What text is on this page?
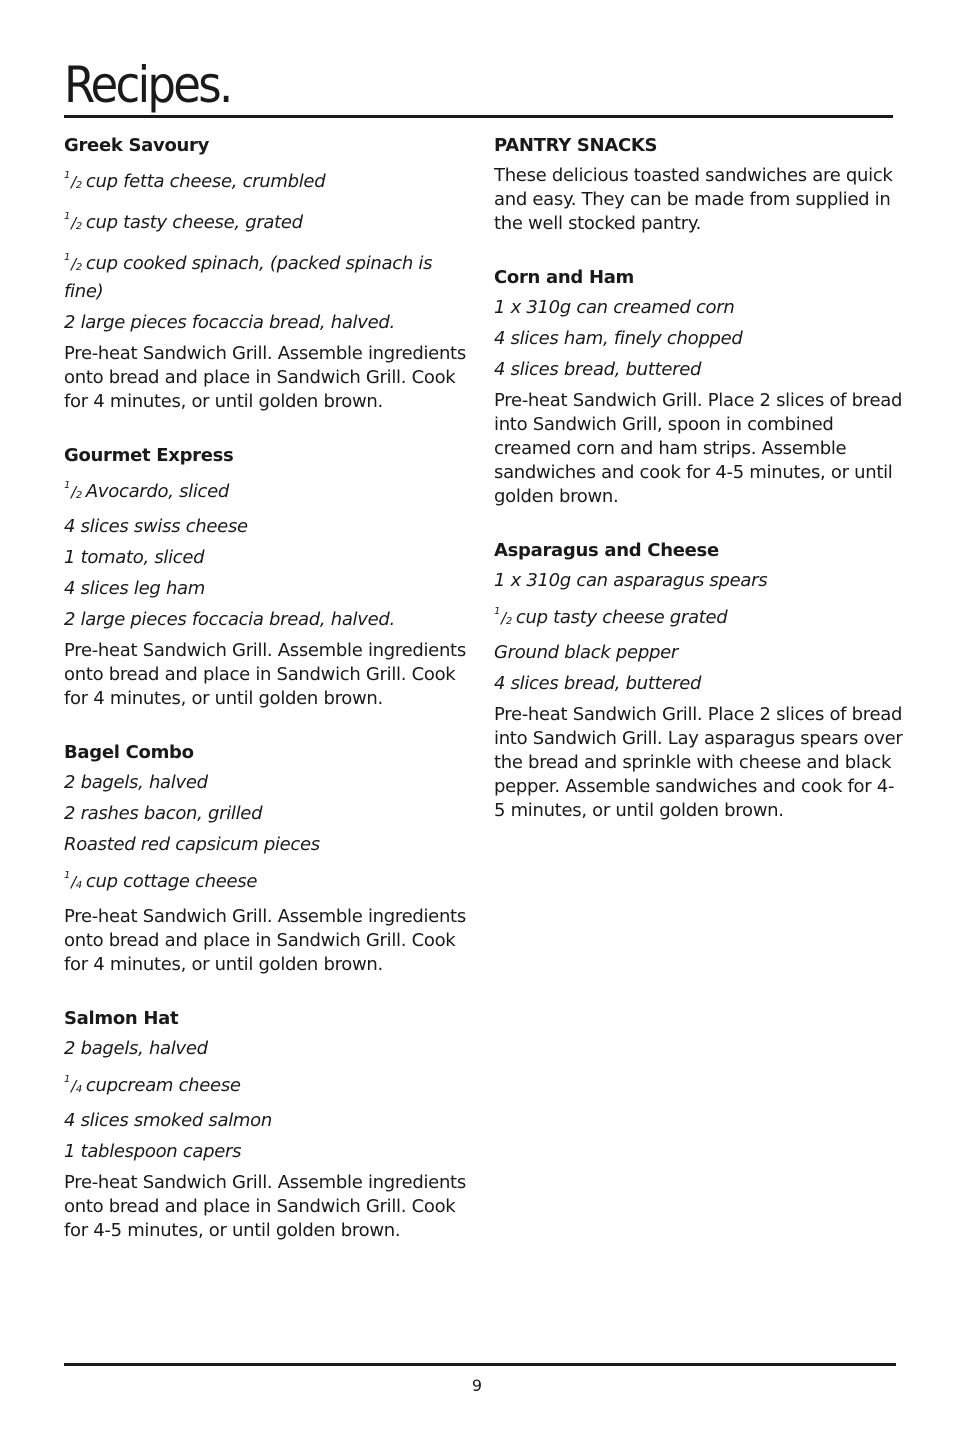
Recipes.
Greek Savoury
$^1$/2 cup fetta cheese, crumbled
$^1$/2 cup tasty cheese, grated
$^1$/2 cup cooked spinach, (packed spinach is fine)
2 large pieces focaccia bread, halved.

Pre-heat Sandwich Grill. Assemble ingredients onto bread and place in Sandwich Grill. Cook for 4 minutes, or until golden brown.

Gourmet Express
$^1$/2 Avocardo, sliced
4 slices swiss cheese
1 tomato, sliced
4 slices leg ham
2 large pieces foccacia bread, halved.

Pre-heat Sandwich Grill. Assemble ingredients onto bread and place in Sandwich Grill. Cook for 4 minutes, or until golden brown.

Bagel Combo
2 bagels, halved
2 rashes bacon, grilled
Roasted red capsicum pieces
$^1$/4 cup cottage cheese

Pre-heat Sandwich Grill. Assemble ingredients onto bread and place in Sandwich Grill. Cook for 4 minutes, or until golden brown.

Salmon Hat
2 bagels, halved
$^1$/4 cupcream cheese
4 slices smoked salmon
1 tablespoon capers

Pre-heat Sandwich Grill. Assemble ingredients onto bread and place in Sandwich Grill. Cook for 4-5 minutes, or until golden brown.

PANTRY SNACKS

These delicious toasted sandwiches are quick and easy. They can be made from supplied in the well stocked pantry.

Corn and Ham
1 x 310g can creamed corn
4 slices ham, finely chopped
4 slices bread, buttered

Pre-heat Sandwich Grill. Place 2 slices of bread into Sandwich Grill, spoon in combined creamed corn and ham strips. Assemble sandwiches and cook for 4-5 minutes, or until golden brown.

Asparagus and Cheese
1 x 310g can asparagus spears
$^1$/2 cup tasty cheese grated
Ground black pepper
4 slices bread, buttered

Pre-heat Sandwich Grill. Place 2 slices of bread into Sandwich Grill. Lay asparagus spears over the bread and sprinkle with cheese and black pepper. Assemble sandwiches and cook for 4-5 minutes, or until golden brown.

9
